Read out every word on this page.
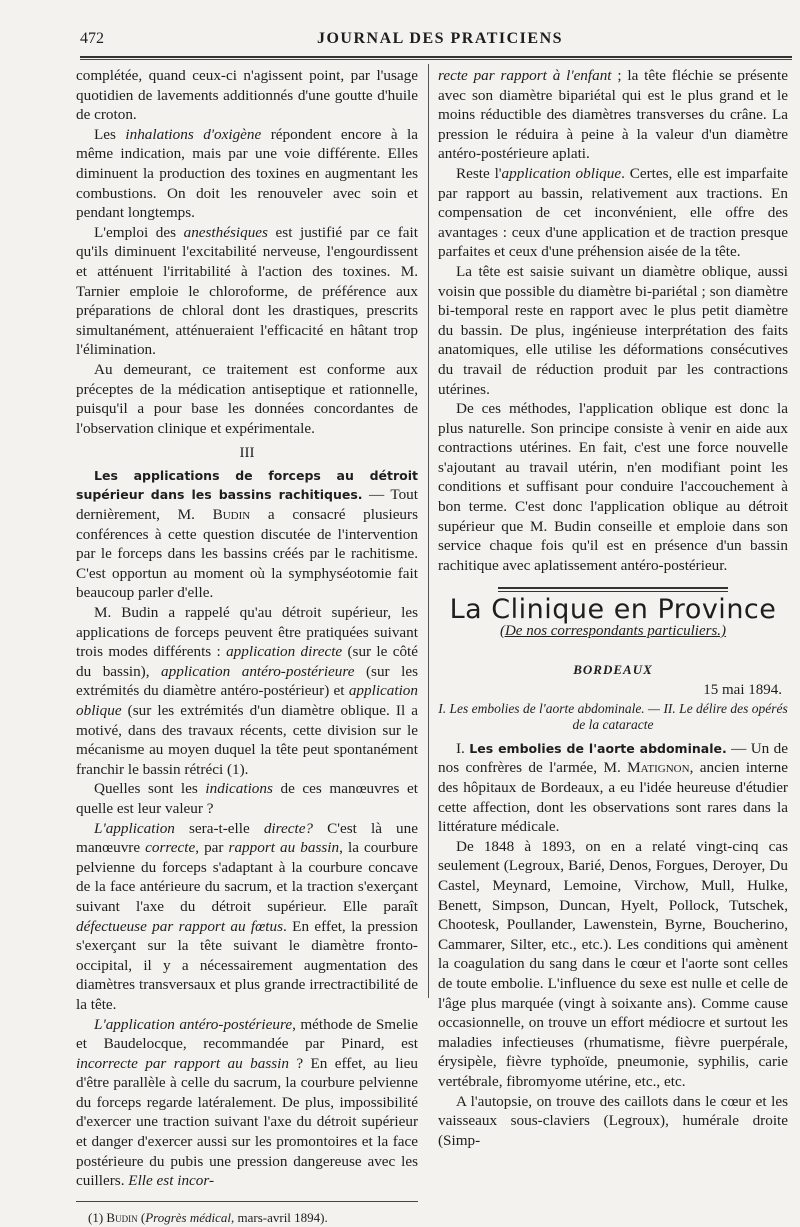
472	JOURNAL DES PRATICIENS

complétée, quand ceux-ci n'agissent point, par l'usage quotidien de lavements additionnés d'une goutte d'huile de croton.

Les inhalations d'oxigène répondent encore à la même indication, mais par une voie différente. Elles diminuent la production des toxines en augmentant les combustions. On doit les renouveler avec soin et pendant longtemps.

L'emploi des anesthésiques est justifié par ce fait qu'ils diminuent l'excitabilité nerveuse, l'engourdissent et atténuent l'irritabilité à l'action des toxines. M. Tarnier emploie le chloroforme, de préférence aux préparations de chloral dont les drastiques, prescrits simultanément, atténueraient l'efficacité en hâtant trop l'élimination.

Au demeurant, ce traitement est conforme aux préceptes de la médication antiseptique et rationnelle, puisqu'il a pour base les données concordantes de l'observation clinique et expérimentale.

III

Les applications de forceps au détroit supérieur dans les bassins rachitiques. — Tout dernièrement, M. Budin a consacré plusieurs conférences à cette question discutée de l'intervention par le forceps dans les bassins créés par le rachitisme. C'est opportun au moment où la symphyséotomie fait beaucoup parler d'elle.

M. Budin a rappelé qu'au détroit supérieur, les applications de forceps peuvent être pratiquées suivant trois modes différents : application directe (sur le côté du bassin), application antéro-postérieure (sur les extrémités du diamètre antéro-postérieur) et application oblique (sur les extrémités d'un diamètre oblique. Il a motivé, dans des travaux récents, cette division sur le mécanisme au moyen duquel la tête peut spontanément franchir le bassin rétréci (1).

Quelles sont les indications de ces manœuvres et quelle est leur valeur ?

L'application sera-t-elle directe? C'est là une manœuvre correcte, par rapport au bassin, la courbure pelvienne du forceps s'adaptant à la courbure concave de la face antérieure du sacrum, et la traction s'exerçant suivant l'axe du détroit supérieur. Elle paraît défectueuse par rapport au fœtus. En effet, la pression s'exerçant sur la tête suivant le diamètre fronto-occipital, il y a nécessairement augmentation des diamètres transversaux et plus grande irrectractibilité de la tête.

L'application antéro-postérieure, méthode de Smelie et Baudelocque, recommandée par Pinard, est incorrecte par rapport au bassin ? En effet, au lieu d'être parallèle à celle du sacrum, la courbure pelvienne du forceps regarde latéralement. De plus, impossibilité d'exercer une traction suivant l'axe du détroit supérieur et danger d'exercer aussi sur les promontoires et la face postérieure du pubis une pression dangereuse avec les cuillers. Elle est incor-

(1) Budin (Progrès médical, mars-avril 1894).

recte par rapport à l'enfant ; la tête fléchie se présente avec son diamètre bipariétal qui est le plus grand et le moins réductible des diamètres transverses du crâne. La pression le réduira à peine à la valeur d'un diamètre antéro-postérieure aplati.

Reste l'application oblique. Certes, elle est imparfaite par rapport au bassin, relativement aux tractions. En compensation de cet inconvénient, elle offre des avantages : ceux d'une application et de traction presque parfaites et ceux d'une préhension aisée de la tête.

La tête est saisie suivant un diamètre oblique, aussi voisin que possible du diamètre bi-pariétal ; son diamètre bi-temporal reste en rapport avec le plus petit diamètre du bassin. De plus, ingénieuse interprétation des faits anatomiques, elle utilise les déformations consécutives du travail de réduction produit par les contractions utérines.

De ces méthodes, l'application oblique est donc la plus naturelle. Son principe consiste à venir en aide aux contractions utérines. En fait, c'est une force nouvelle s'ajoutant au travail utérin, n'en modifiant point les conditions et suffisant pour conduire l'accouchement à bon terme. C'est donc l'application oblique au détroit supérieur que M. Budin conseille et emploie dans son service chaque fois qu'il est en présence d'un bassin rachitique avec aplatissement antéro-postérieur.

La Clinique en Province
(De nos correspondants particuliers.)
BORDEAUX
15 mai 1894.
I. Les embolies de l'aorte abdominale. — II. Le délire des opérés de la cataracte

I. Les embolies de l'aorte abdominale. — Un de nos confrères de l'armée, M. Matignon, ancien interne des hôpitaux de Bordeaux, a eu l'idée heureuse d'étudier cette affection, dont les observations sont rares dans la littérature médicale.

De 1848 à 1893, on en a relaté vingt-cinq cas seulement (Legroux, Barié, Denos, Forgues, Deroyer, Du Castel, Meynard, Lemoine, Virchow, Mull, Hulke, Benett, Simpson, Duncan, Hyelt, Pollock, Tutschek, Chootesk, Poullander, Lawenstein, Byrne, Boucherino, Cammarer, Silter, etc., etc.). Les conditions qui amènent la coagulation du sang dans le cœur et l'aorte sont celles de toute embolie. L'influence du sexe est nulle et celle de l'âge plus marquée (vingt à soixante ans). Comme cause occasionnelle, on trouve un effort médiocre et surtout les maladies infectieuses (rhumatisme, fièvre puerpérale, érysipèle, fièvre typhoïde, pneumonie, syphilis, carie vertébrale, fibromyome utérine, etc., etc.

A l'autopsie, on trouve des caillots dans le cœur et les vaisseaux sous-claviers (Legroux), humérale droite (Simp-
